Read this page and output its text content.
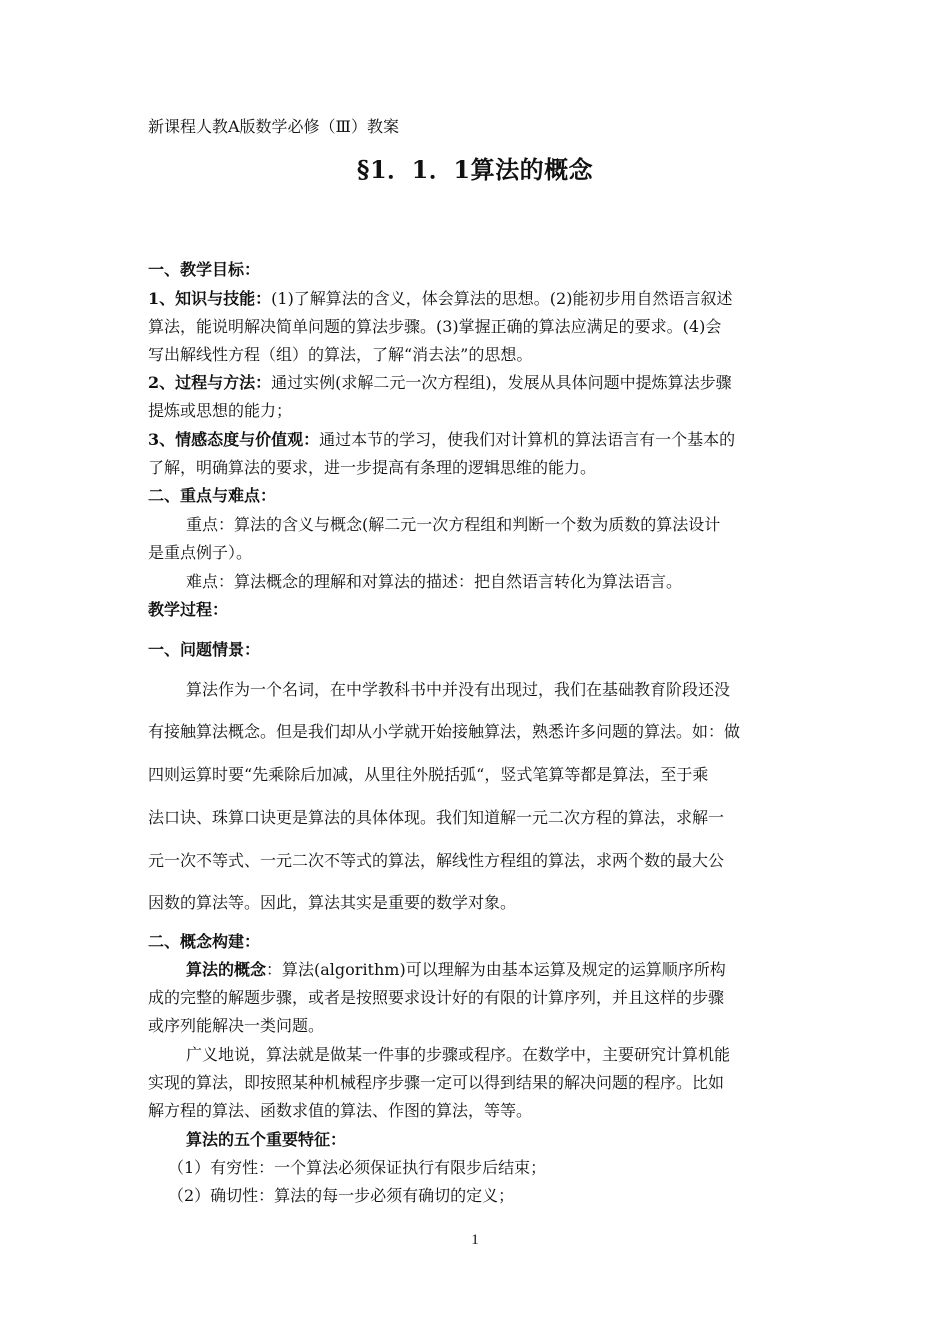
新课程人教A版数学必修（Ⅲ）教案
§1．1．1算法的概念
一、教学目标：
1、知识与技能：(1)了解算法的含义，体会算法的思想。(2)能初步用自然语言叙述
算法，能说明解决简单问题的算法步骤。(3)掌握正确的算法应满足的要求。(4)会
写出解线性方程（组）的算法，了解“消去法”的思想。
2、过程与方法：通过实例(求解二元一次方程组)，发展从具体问题中提炼算法步骤
提炼或思想的能力；
3、情感态度与价值观：通过本节的学习，使我们对计算机的算法语言有一个基本的
了解，明确算法的要求，进一步提高有条理的逻辑思维的能力。
二、重点与难点：
重点：算法的含义与概念(解二元一次方程组和判断一个数为质数的算法设计
是重点例子）。
难点：算法概念的理解和对算法的描述：把自然语言转化为算法语言。
教学过程：
一、问题情景：
算法作为一个名词，在中学教科书中并没有出现过，我们在基础教育阶段还没
有接触算法概念。但是我们却从小学就开始接触算法，熟悉许多问题的算法。如：做
四则运算时要“先乘除后加减，从里往外脱括弧“，竖式笔算等都是算法，至于乘
法口诀、珠算口诀更是算法的具体体现。我们知道解一元二次方程的算法，求解一
元一次不等式、一元二次不等式的算法，解线性方程组的算法，求两个数的最大公
因数的算法等。因此，算法其实是重要的数学对象。
二、概念构建：
算法的概念：算法(algorithm)可以理解为由基本运算及规定的运算顺序所构
成的完整的解题步骤，或者是按照要求设计好的有限的计算序列，并且这样的步骤
或序列能解决一类问题。
广义地说，算法就是做某一件事的步骤或程序。在数学中，主要研究计算机能
实现的算法，即按照某种机械程序步骤一定可以得到结果的解决问题的程序。比如
解方程的算法、函数求值的算法、作图的算法，等等。
算法的五个重要特征：
（1）有穷性：一个算法必须保证执行有限步后结束；
（2）确切性：算法的每一步必须有确切的定义；
1
